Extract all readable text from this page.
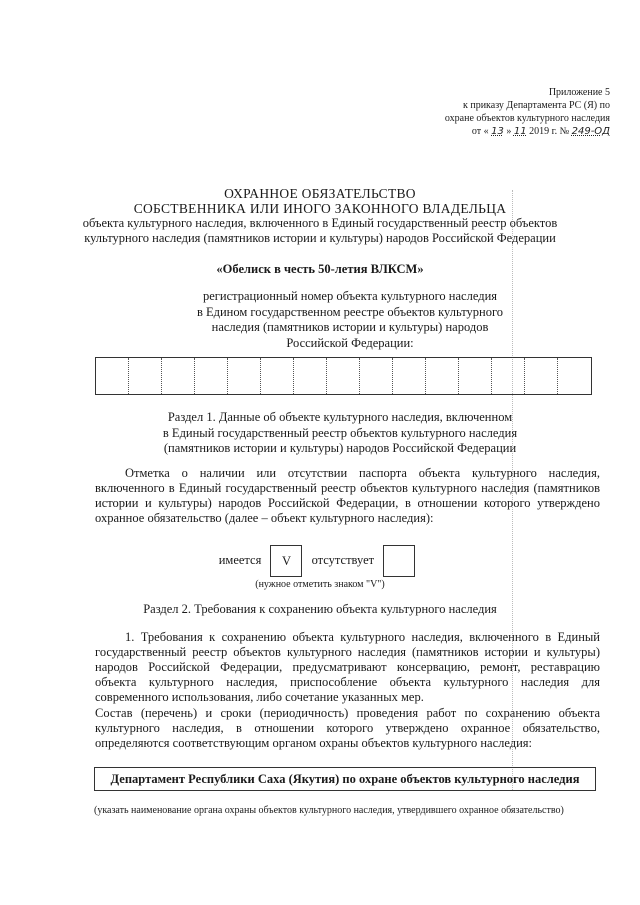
Приложение 5
к приказу Департамента РС (Я) по
охране объектов культурного наследия
от « 13 » 11 2019 г. № 249-ОД
ОХРАННОЕ ОБЯЗАТЕЛЬСТВО
СОБСТВЕННИКА ИЛИ ИНОГО ЗАКОННОГО ВЛАДЕЛЬЦА
объекта культурного наследия, включенного в Единый государственный реестр объектов
культурного наследия (памятников истории и культуры) народов Российской Федерации
«Обелиск в честь 50-летия ВЛКСМ»
регистрационный номер объекта культурного наследия
в Едином государственном реестре объектов культурного
наследия (памятников истории и культуры) народов
Российской Федерации:
Раздел 1. Данные об объекте культурного наследия, включенном
в Единый государственный реестр объектов культурного наследия
(памятников истории и культуры) народов Российской Федерации
Отметка о наличии или отсутствии паспорта объекта культурного наследия, включенного в Единый государственный реестр объектов культурного наследия (памятников истории и культуры) народов Российской Федерации, в отношении которого утверждено охранное обязательство (далее – объект культурного наследия):
имеется V отсутствует
(нужное отметить знаком "V")
Раздел 2. Требования к сохранению объекта культурного наследия
1. Требования к сохранению объекта культурного наследия, включенного в Единый государственный реестр объектов культурного наследия (памятников истории и культуры) народов Российской Федерации, предусматривают консервацию, ремонт, реставрацию объекта культурного наследия, приспособление объекта культурного наследия для современного использования, либо сочетание указанных мер.
Состав (перечень) и сроки (периодичность) проведения работ по сохранению объекта культурного наследия, в отношении которого утверждено охранное обязательство, определяются соответствующим органом охраны объектов культурного наследия:
Департамент Республики Саха (Якутия) по охране объектов культурного наследия
(указать наименование органа охраны объектов культурного наследия, утвердившего охранное обязательство)
